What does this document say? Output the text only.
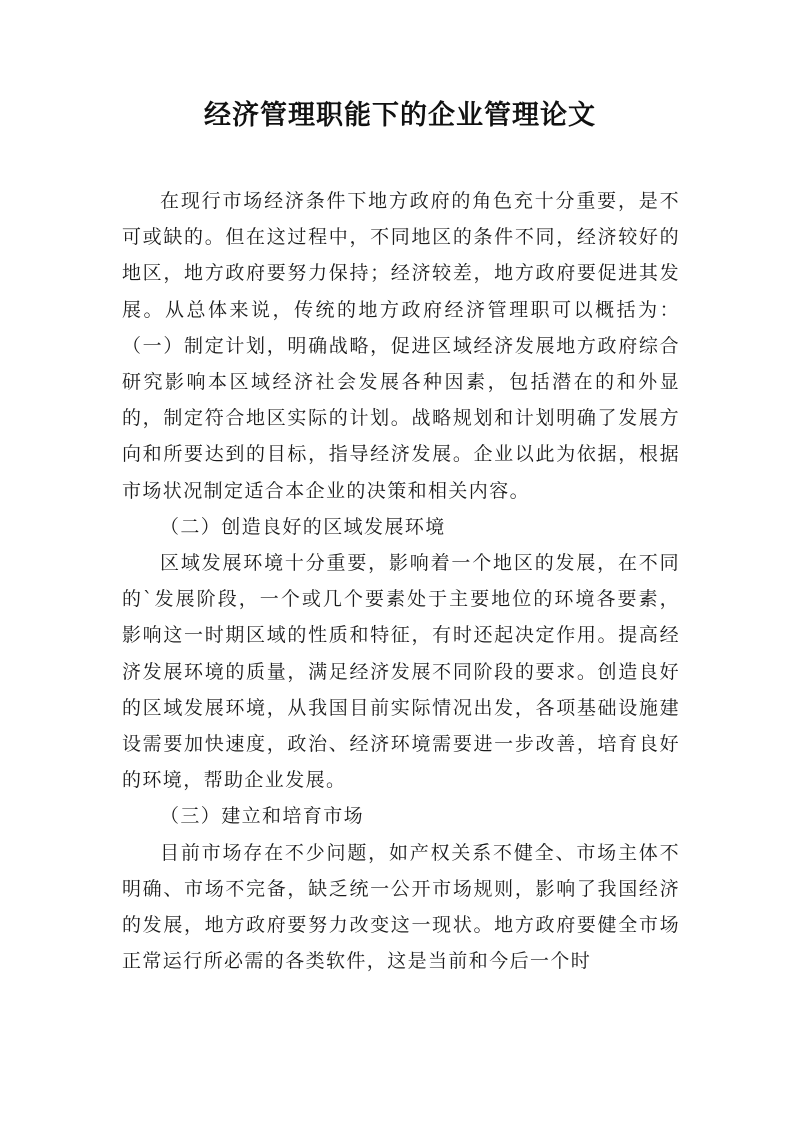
经济管理职能下的企业管理论文

在现行市场经济条件下地方政府的角色充十分重要，是不可或缺的。但在这过程中，不同地区的条件不同，经济较好的地区，地方政府要努力保持；经济较差，地方政府要促进其发展。从总体来说，传统的地方政府经济管理职可以概括为：（一）制定计划，明确战略，促进区域经济发展地方政府综合研究影响本区域经济社会发展各种因素，包括潜在的和外显的，制定符合地区实际的计划。战略规划和计划明确了发展方向和所要达到的目标，指导经济发展。企业以此为依据，根据市场状况制定适合本企业的决策和相关内容。

（二）创造良好的区域发展环境

区域发展环境十分重要，影响着一个地区的发展，在不同的`发展阶段，一个或几个要素处于主要地位的环境各要素，影响这一时期区域的性质和特征，有时还起决定作用。提高经济发展环境的质量，满足经济发展不同阶段的要求。创造良好的区域发展环境，从我国目前实际情况出发，各项基础设施建设需要加快速度，政治、经济环境需要进一步改善，培育良好的环境，帮助企业发展。

（三）建立和培育市场

目前市场存在不少问题，如产权关系不健全、市场主体不明确、市场不完备，缺乏统一公开市场规则，影响了我国经济的发展，地方政府要努力改变这一现状。地方政府要健全市场正常运行所必需的各类软件，这是当前和今后一个时
